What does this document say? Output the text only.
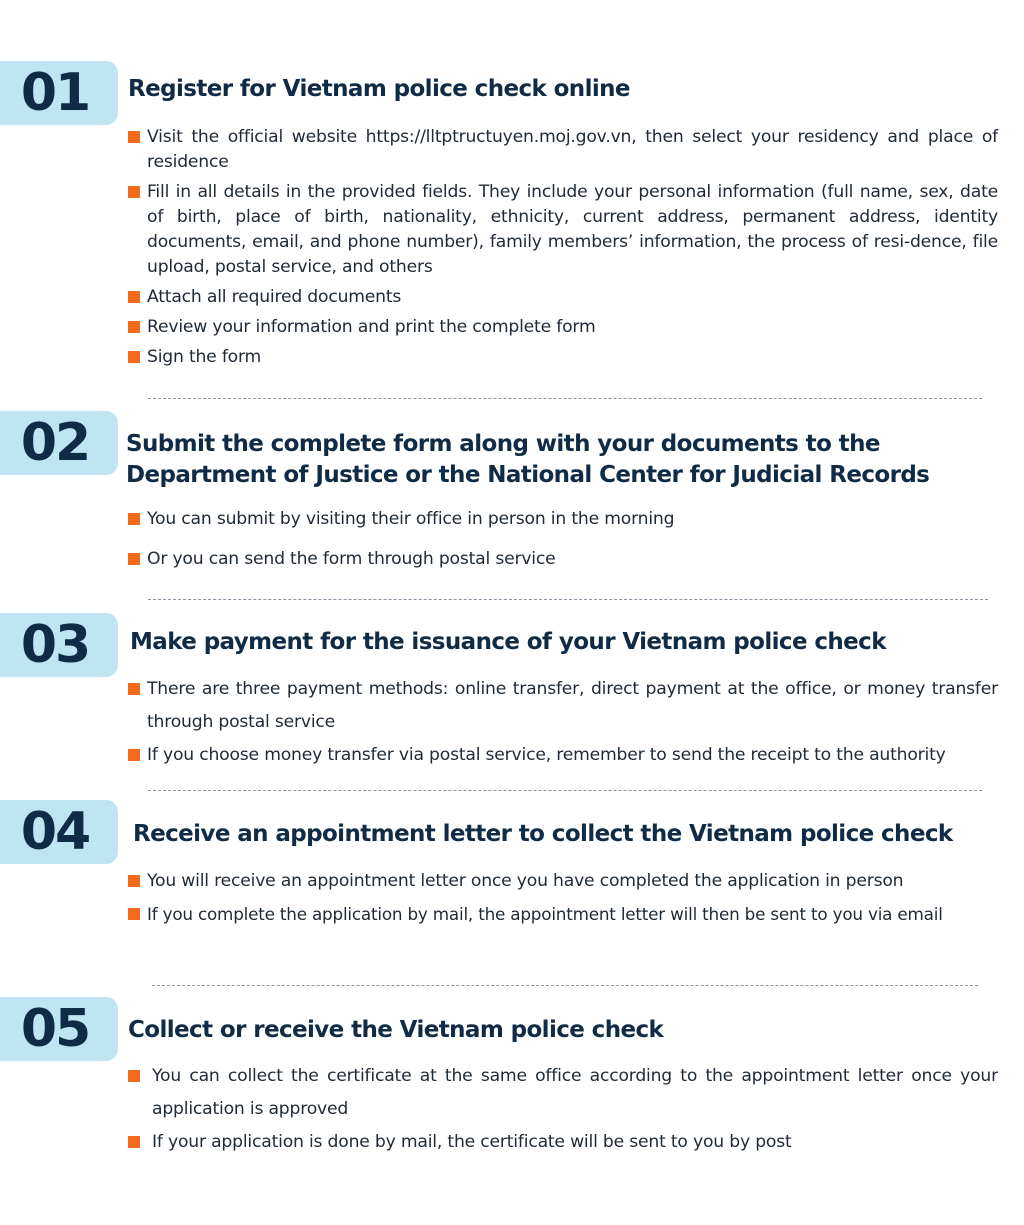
01	Register for Vietnam police check online
Visit the official website https://lltptructuyen.moj.gov.vn, then select your residency and place of residence
Fill in all details in the provided fields. They include your personal information (full name, sex, date of birth, place of birth, nationality, ethnicity, current address, permanent address, identity documents, email, and phone number), family members’ information, the process of resi-dence, file upload, postal service, and others
Attach all required documents
Review your information and print the complete form
Sign the form
02	Submit the complete form along with your documents to the Department of Justice or the National Center for Judicial Records
You can submit by visiting their office in person in the morning
Or you can send the form through postal service
03	Make payment for the issuance of your Vietnam police check
There are three payment methods: online transfer, direct payment at the office, or money transfer through postal service
If you choose money transfer via postal service, remember to send the receipt to the authority
04	Receive an appointment letter to collect the Vietnam police check
You will receive an appointment letter once you have completed the application in person
If you complete the application by mail, the appointment letter will then be sent to you via email
05	Collect or receive the Vietnam police check
You can collect the certificate at the same office according to the appointment letter once your application is approved
If your application is done by mail, the certificate will be sent to you by post
